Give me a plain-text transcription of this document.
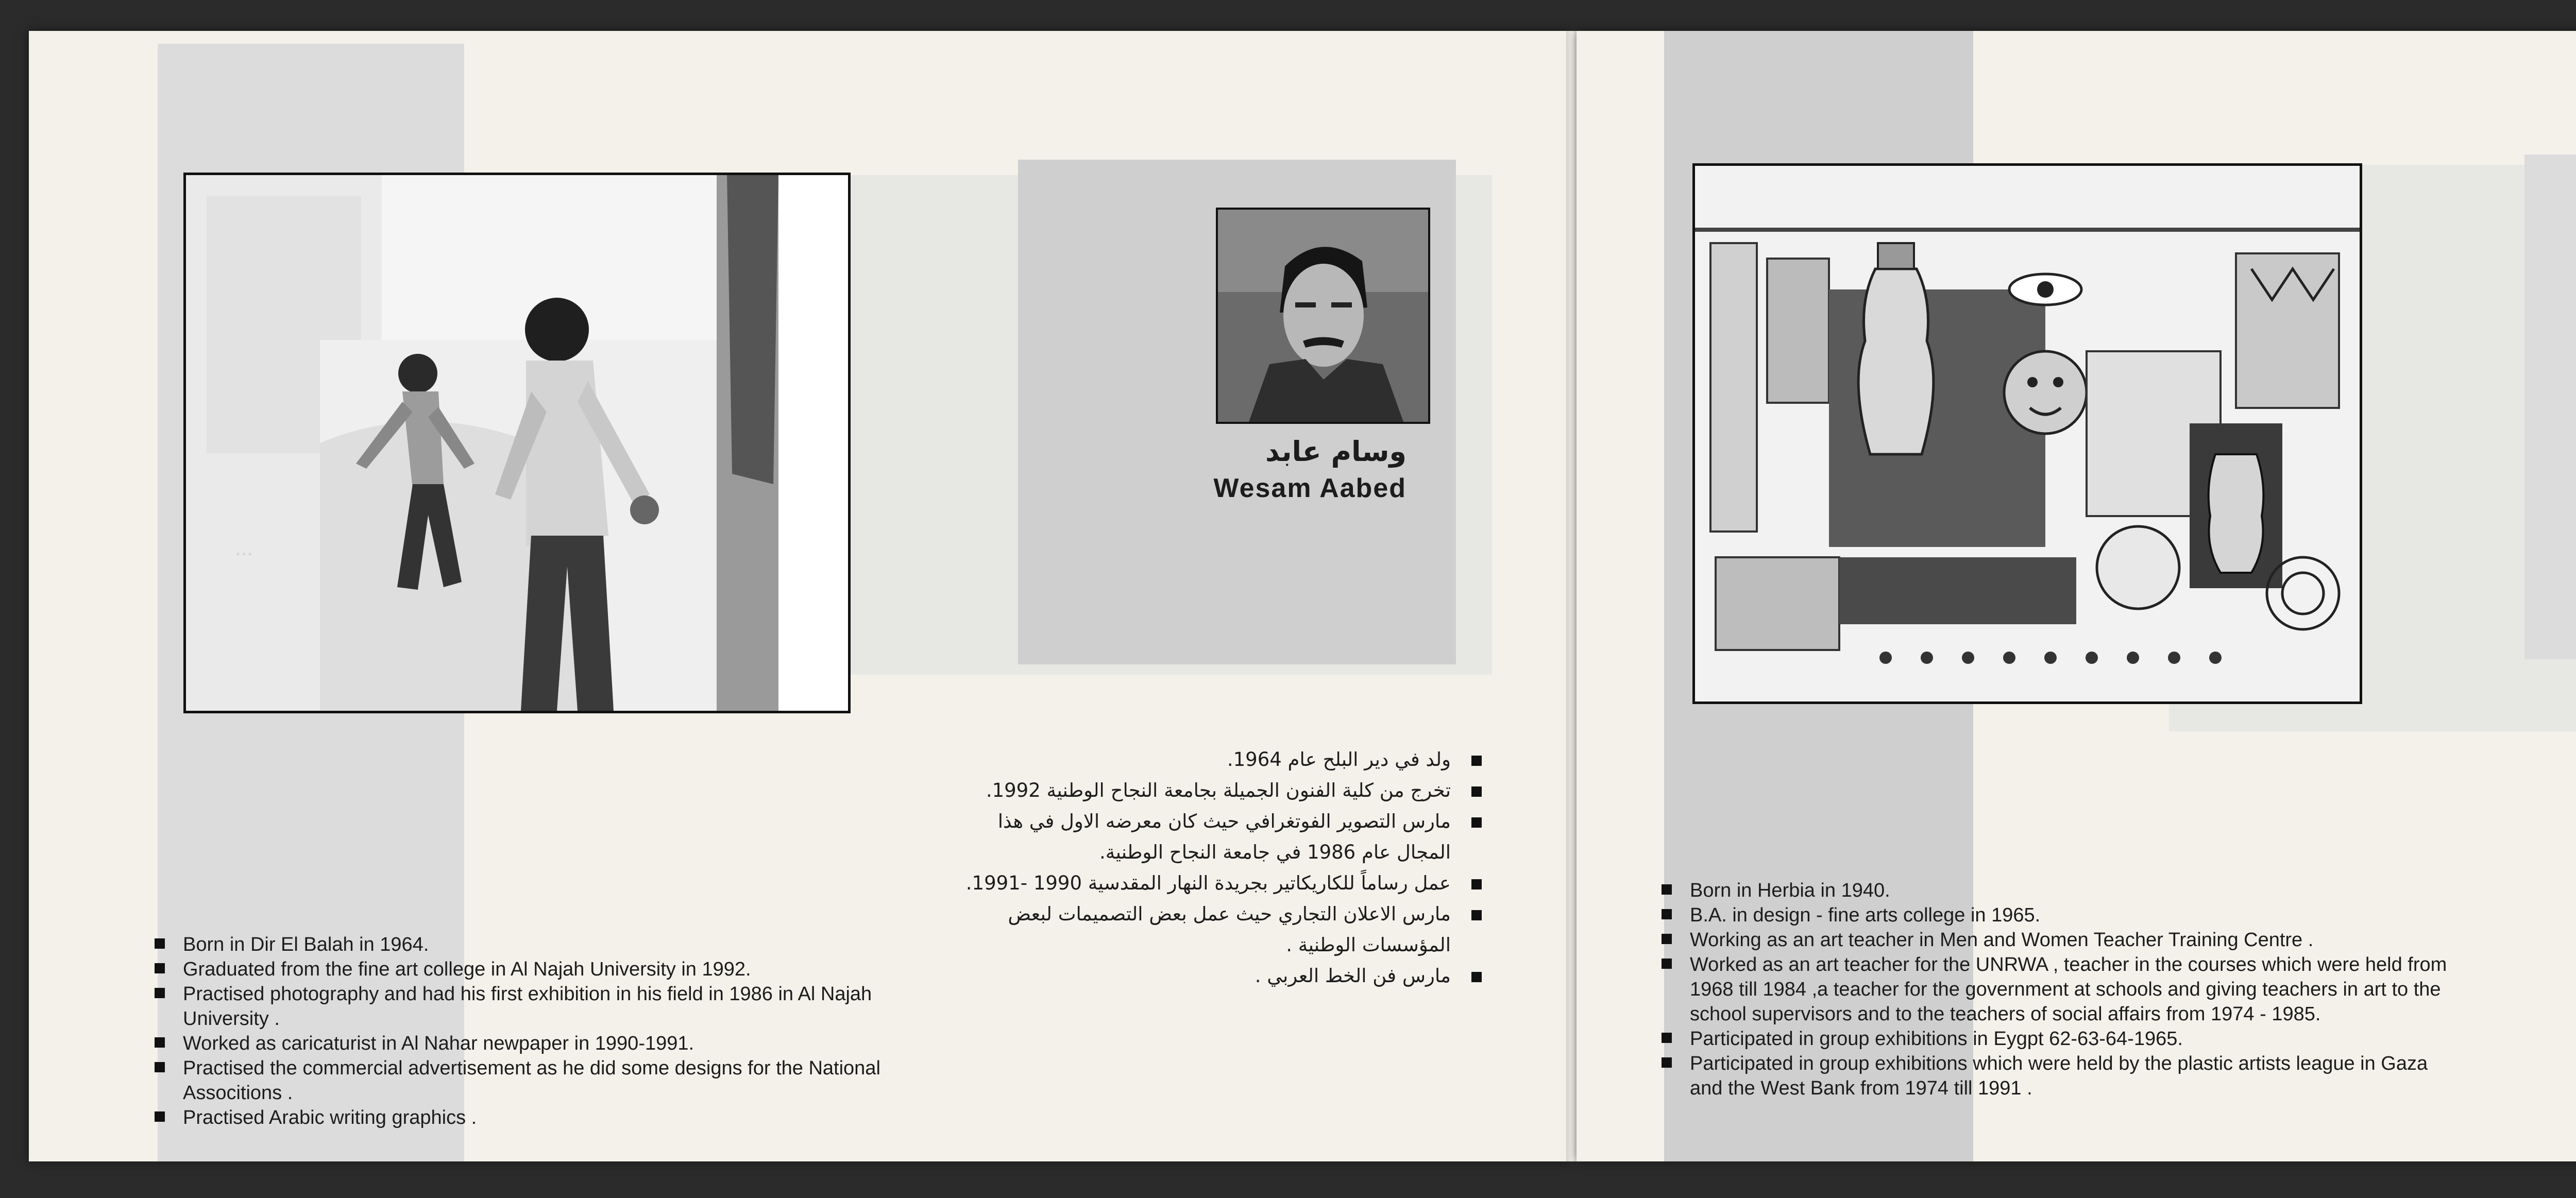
...
وسام عابد
Wesam Aabed
ولد في دير البلح عام 1964.
تخرج من كلية الفنون الجميلة بجامعة النجاح الوطنية 1992.
مارس التصوير الفوتغرافي حيث كان معرضه الاول في هذا المجال عام 1986 في جامعة النجاح الوطنية.
عمل رساماً للكاريكاتير بجريدة النهار المقدسية 1990 -1991.
مارس الاعلان التجاري حيث عمل بعض التصميمات لبعض المؤسسات الوطنية .
مارس فن الخط العربي .
Born in Dir El Balah in 1964.
Graduated from the fine art college in Al Najah University in 1992.
Practised photography and had his first exhibition in his field in 1986 in Al Najah University .
Worked as caricaturist in Al Nahar newpaper in 1990-1991.
Practised the commercial advertisement as he did some designs for the National Associtions .
Practised Arabic writing graphics .
Born in Herbia in 1940.
B.A. in design - fine arts college in 1965.
Working as an art teacher in Men and Women Teacher Training Centre .
Worked as an art teacher for the UNRWA , teacher in the courses which were held from 1968 till 1984 ,a teacher for the government at schools and giving teachers in art to the school supervisors and to the teachers of social affairs from 1974 - 1985.
Participated in group exhibitions in Eygpt 62-63-64-1965.
Participated in group exhibitions which were held by the plastic artists league in Gaza and the West Bank from 1974 till 1991 .
